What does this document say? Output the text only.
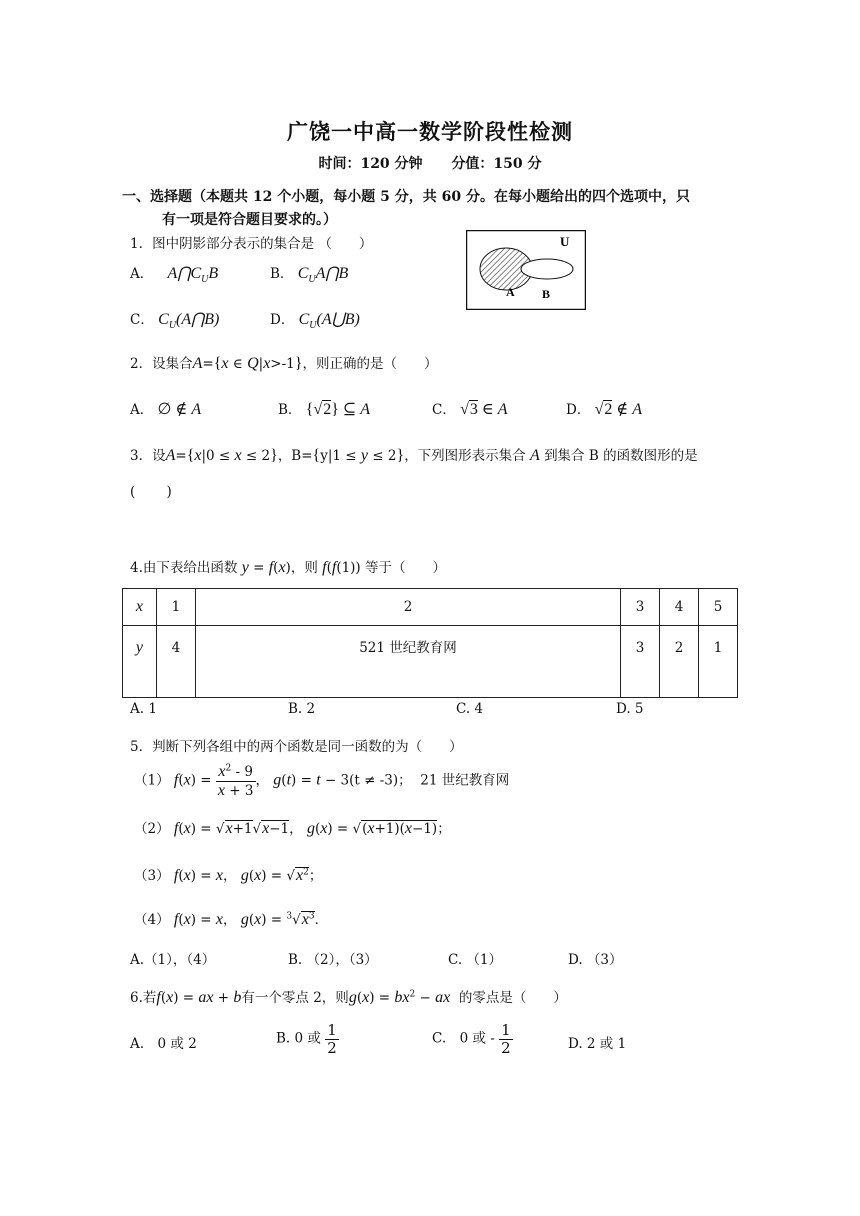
广饶一中高一数学阶段性检测
时间：120 分钟 分值：150 分
一、选择题（本题共 12 个小题，每小题 5 分，共 60 分。在每小题给出的四个选项中，只
有一项是符合题目要求的。）
1．图中阴影部分表示的集合是 （　　）	U
A B
A． $A⋂C_UB$	B． $C_UA⋂B$
C． $C_U(A⋂B)$	D． $C_U(A⋃B)$
2．设集合A={x ∈ Q|x>-1}，则正确的是（　　）
A． ∅ ∉ A	B． {√2} ⊆ A	C． √3 ∈ A	D． √2 ∉ A
3．设A={x|0 ≤ x ≤ 2}，B={y|1 ≤ y ≤ 2}，下列图形表示集合 A 到集合 B 的函数图形的是
(　　 )
4.由下表给出函数 y = f(x)，则 f(f(1)) 等于（　　）
x	1	2	3	4	5
y	4	521 世纪教育网	3	2	1
A. 1	B. 2	C. 4	D. 5
5．判断下列各组中的两个函数是同一函数的为（　　）
（1） $f(x) = \frac{x^2 - 9}{x + 3}$ ， g(t) = t − 3(t ≠ -3)；  21 世纪教育网
（2） f(x) = √x+1√x−1， g(x) = √(x+1)(x−1)；
（3） f(x) = x， $g(x) = √x^2$；
（4） f(x) = x， $g(x) = ^3√x^3$．
A.（1），（4）	B. （2），（3）	C. （1）	D. （3）
6.若f(x) = ax + b有一个零点 2，则$g(x) = bx^2$ − ax 的零点是（　　）
A.　0 或 2	B. 0 或 $\frac{1}{2}$	C.　0 或 - $\frac{1}{2}$	D. 2 或 1
